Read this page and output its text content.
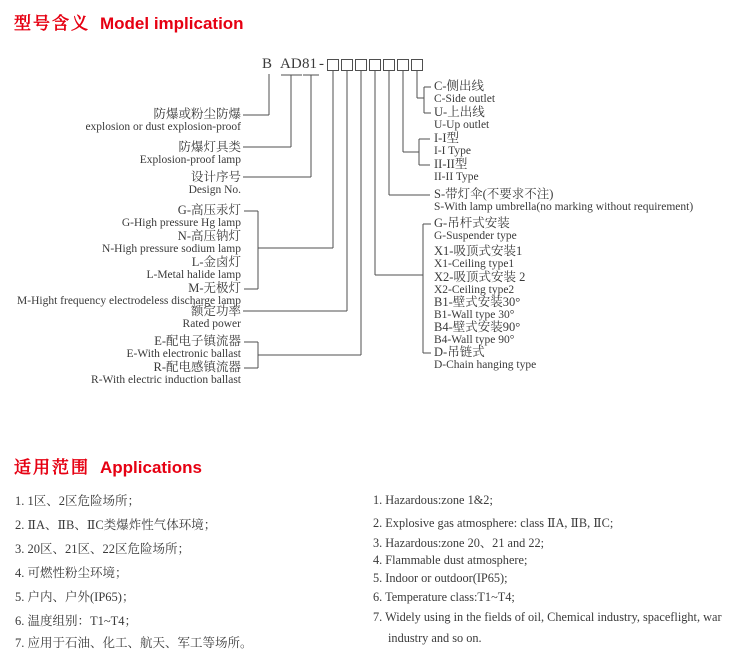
型号含义 Model implication
B AD 81 -
防爆或粉尘防爆
explosion or dust explosion-proof
防爆灯具类
Explosion-proof lamp
设计序号
Design No.
G-高压汞灯
G-High pressure Hg lamp
N-高压钠灯
N-High pressure sodium lamp
L-金卤灯
L-Metal halide lamp
M-无极灯
M-Hight frequency electrodeless discharge lamp
额定功率
Rated power
E-配电子镇流器
E-With electronic ballast
R-配电感镇流器
R-With electric induction ballast
C-侧出线
C-Side outlet
U-上出线
U-Up outlet
I-I型
I-I Type
II-II型
II-II Type
S-带灯伞(不要求不注)
S-With lamp umbrella(no marking without requirement)
G-吊杆式安装
G-Suspender type
X1-吸顶式安装1
X1-Ceiling type1
X2-吸顶式安装 2
X2-Ceiling type2
B1-壁式安装30°
B1-Wall type 30°
B4-壁式安装90°
B4-Wall type 90°
D-吊链式
D-Chain hanging type
适用范围 Applications
1. 1区、2区危险场所；
2. ⅡA、ⅡB、ⅡC类爆炸性气体环境；
3. 20区、21区、22区危险场所；
4. 可燃性粉尘环境；
5. 户内、户外(IP65)；
6. 温度组别：T1~T4；
7. 应用于石油、化工、航天、军工等场所。
1. Hazardous:zone 1&2;
2. Explosive gas atmosphere: class ⅡA, ⅡB, ⅡC;
3. Hazardous:zone 20、21 and 22;
4. Flammable dust atmosphere;
5. Indoor or outdoor(IP65);
6. Temperature class:T1~T4;
7. Widely using in the fields of oil, Chemical industry, spaceflight, war industry and so on.
